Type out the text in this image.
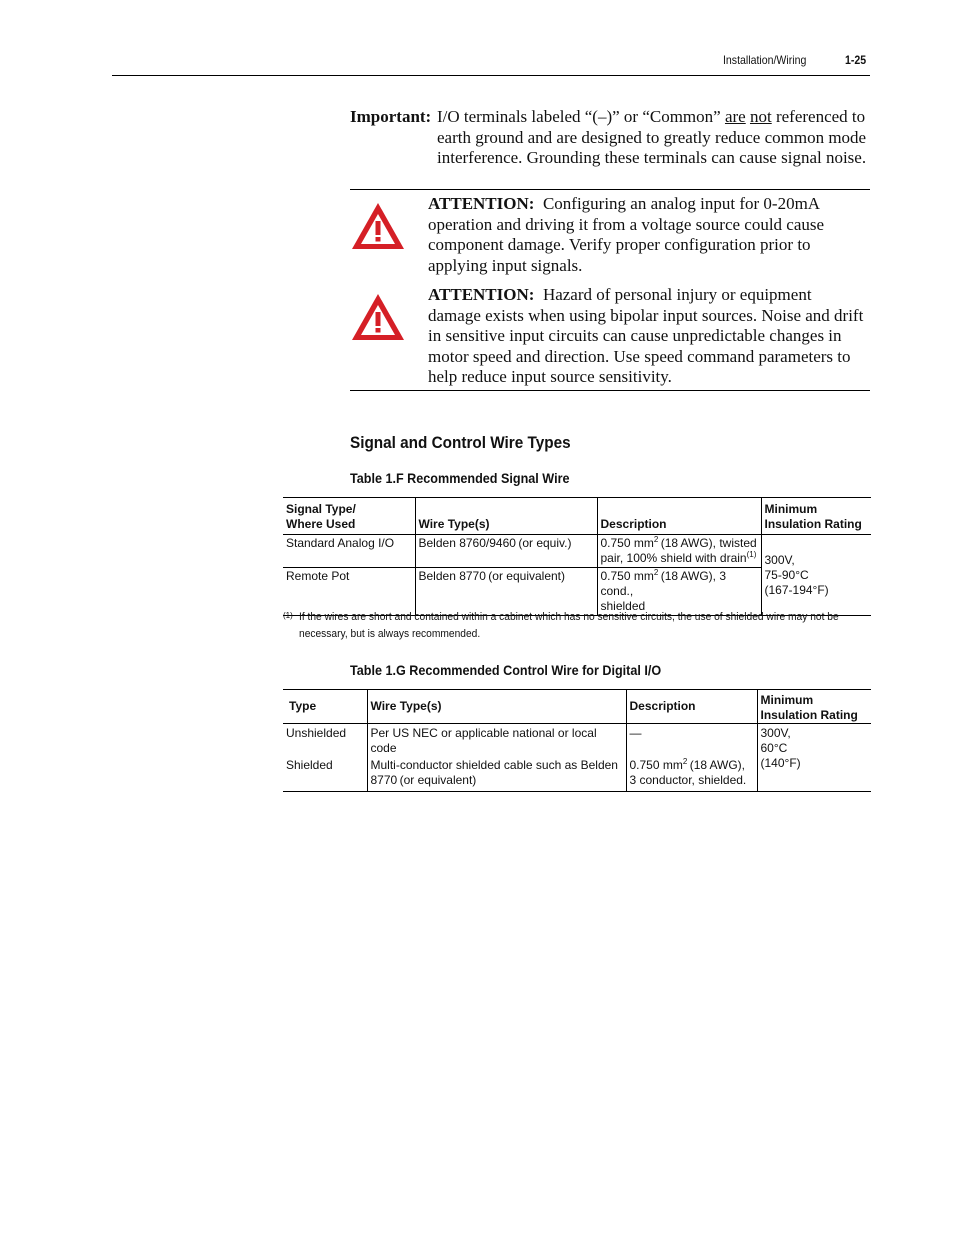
Installation/Wiring	1-25
Important: I/O terminals labeled “(–)” or “Common” are not referenced to

earth ground and are designed to greatly reduce common mode

interference. Grounding these terminals can cause signal noise.

ATTENTION: Configuring an analog input for 0-20mA

operation and driving it from a voltage source could cause

component damage. Verify proper configuration prior to

applying input signals.

ATTENTION: Hazard of personal injury or equipment

damage exists when using bipolar input sources. Noise and drift

in sensitive input circuits can cause unpredictable changes in

motor speed and direction. Use speed command parameters to

help reduce input source sensitivity.

Signal and Control Wire Types
Table 1.F Recommended Signal Wire
Signal Type/
Where Used	Wire Type(s)	Description	Minimum
Insulation Rating
Standard Analog I/O	Belden 8760/9460 (or equiv.)	0.750 $mm^2$ (18 AWG), twisted
pair, 100% shield with drain$^{(1)}$	300V,
75-90°C
(167-194°F)
Remote Pot	Belden 8770 (or equivalent)	0.750 $mm^2$ (18 AWG), 3 cond.,
shielded	
(1) If the wires are short and contained within a cabinet which has no sensitive circuits, the use of shielded wire may not be

necessary, but is always recommended.

Table 1.G Recommended Control Wire for Digital I/O
Type	Wire Type(s)	Description	Minimum
Insulation Rating
Unshielded	Per US NEC or applicable national or local code	—	300V,
60°C
(140°F)
Shielded	Multi-conductor shielded cable such as Belden
8770 (or equivalent)	0.750 $mm^2$ (18 AWG),
3 conductor, shielded.	
